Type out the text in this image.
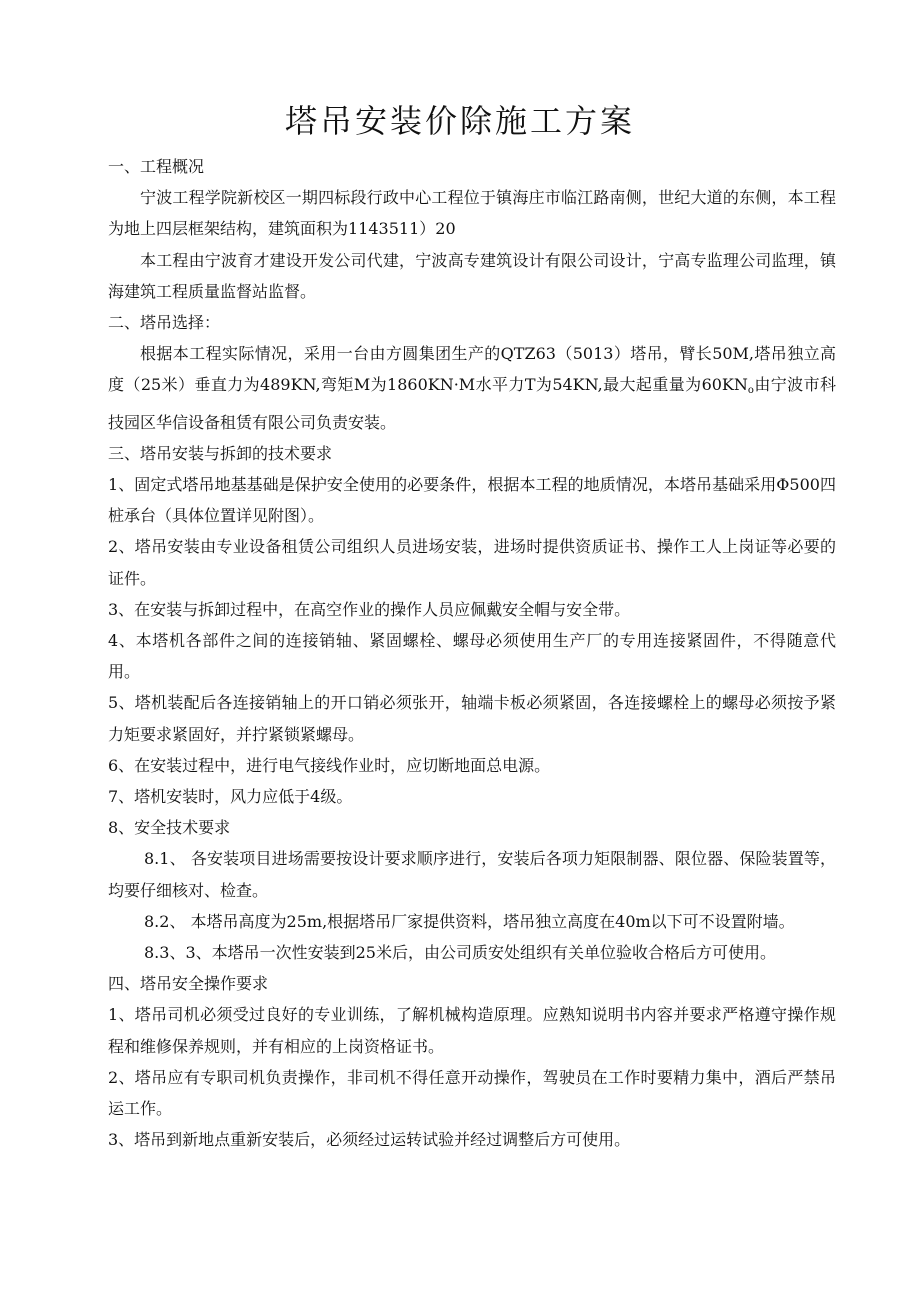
塔吊安装价除施工方案

一、工程概况

宁波工程学院新校区一期四标段行政中心工程位于镇海庄市临江路南侧，世纪大道的东侧，本工程为地上四层框架结构，建筑面积为1143511）20

本工程由宁波育才建设开发公司代建，宁波高专建筑设计有限公司设计，宁高专监理公司监理，镇海建筑工程质量监督站监督。

二、塔吊选择：

根据本工程实际情况，采用一台由方圆集团生产的QTZ63（5013）塔吊，臂长50M,塔吊独立高度（25米）垂直力为489KN,弯矩M为1860KN·M水平力T为54KN,最大起重量为$60KN_o$由宁波市科技园区华信设备租赁有限公司负责安装。

三、塔吊安装与拆卸的技术要求

1、固定式塔吊地基基础是保护安全使用的必要条件，根据本工程的地质情况，本塔吊基础采用Φ500四桩承台（具体位置详见附图）。

2、塔吊安装由专业设备租赁公司组织人员进场安装，进场时提供资质证书、操作工人上岗证等必要的证件。

3、在安装与拆卸过程中，在高空作业的操作人员应佩戴安全帽与安全带。

4、本塔机各部件之间的连接销轴、紧固螺栓、螺母必须使用生产厂的专用连接紧固件，不得随意代用。

5、塔机装配后各连接销轴上的开口销必须张开，轴端卡板必须紧固，各连接螺栓上的螺母必须按予紧力矩要求紧固好，并拧紧锁紧螺母。

6、在安装过程中，进行电气接线作业时，应切断地面总电源。

7、塔机安装时，风力应低于4级。

8、安全技术要求

8.1、 各安装项目进场需要按设计要求顺序进行，安装后各项力矩限制器、限位器、保险装置等，均要仔细核对、检查。

8.2、 本塔吊高度为25m,根据塔吊厂家提供资料，塔吊独立高度在40m以下可不设置附墙。

8.3、3、本塔吊一次性安装到25米后，由公司质安处组织有关单位验收合格后方可使用。

四、塔吊安全操作要求

1、塔吊司机必须受过良好的专业训练，了解机械构造原理。应熟知说明书内容并要求严格遵守操作规程和维修保养规则，并有相应的上岗资格证书。

2、塔吊应有专职司机负责操作，非司机不得任意开动操作，驾驶员在工作时要精力集中，酒后严禁吊运工作。

3、塔吊到新地点重新安装后，必须经过运转试验并经过调整后方可使用。
